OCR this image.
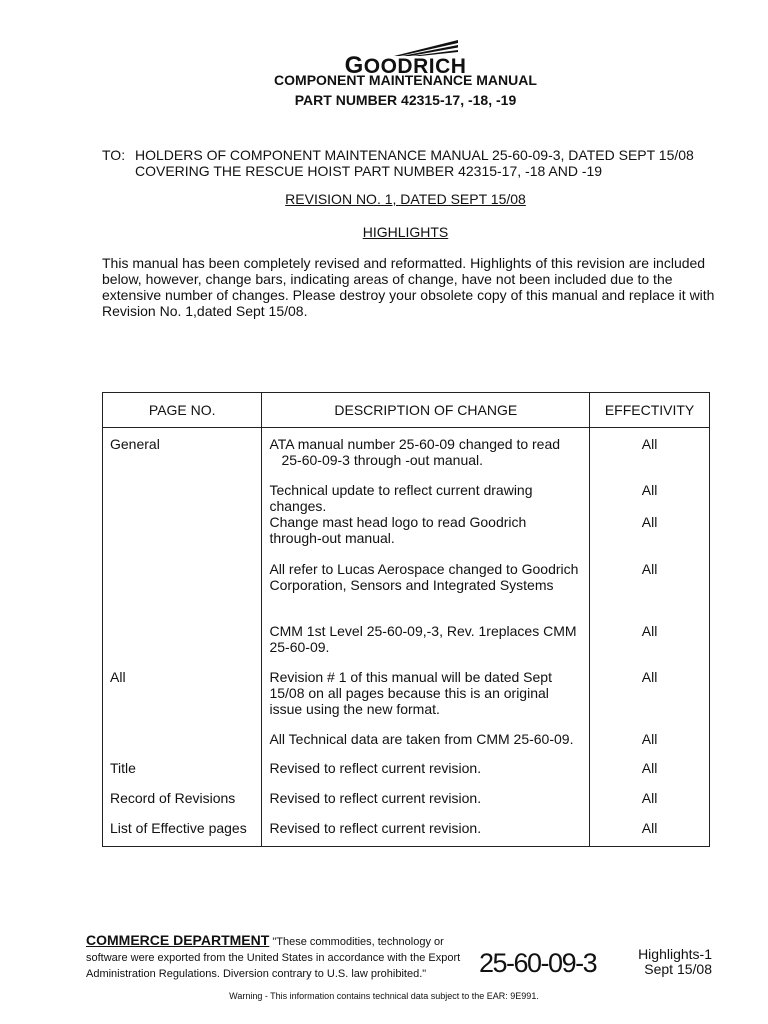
GOODRICH
COMPONENT MAINTENANCE MANUAL
PART NUMBER 42315-17, -18, -19
TO: HOLDERS OF COMPONENT MAINTENANCE MANUAL 25-60-09-3, DATED SEPT 15/08
COVERING THE RESCUE HOIST PART NUMBER 42315-17, -18 AND -19
REVISION NO. 1, DATED SEPT 15/08
HIGHLIGHTS
This manual has been completely revised and reformatted. Highlights of this revision are included below, however, change bars, indicating areas of change, have not been included due to the extensive number of changes. Please destroy your obsolete copy of this manual and replace it with Revision No. 1,dated Sept 15/08.
PAGE NO.	DESCRIPTION OF CHANGE	EFFECTIVITY
General	ATA manual number 25-60-09 changed to read 25-60-09-3 through -out manual.	All
	Technical update to reflect current drawing changes.	All
	Change mast head logo to read Goodrich through-out manual.	All
	All refer to Lucas Aerospace changed to Goodrich Corporation, Sensors and Integrated Systems	All
	CMM 1st Level 25-60-09,-3, Rev. 1replaces CMM 25-60-09.	All
All	Revision # 1 of this manual will be dated Sept 15/08 on all pages because this is an original issue using the new format.	All
	All Technical data are taken from CMM 25-60-09.	All
Title	Revised to reflect current revision.	All
Record of Revisions	Revised to reflect current revision.	All
List of Effective pages	Revised to reflect current revision.	All
COMMERCE DEPARTMENT "These commodities, technology or software were exported from the United States in accordance with the Export Administration Regulations. Diversion contrary to U.S. law prohibited."	25-60-09-3	Highlights-1
Sept 15/08
Warning - This information contains technical data subject to the EAR: 9E991.
